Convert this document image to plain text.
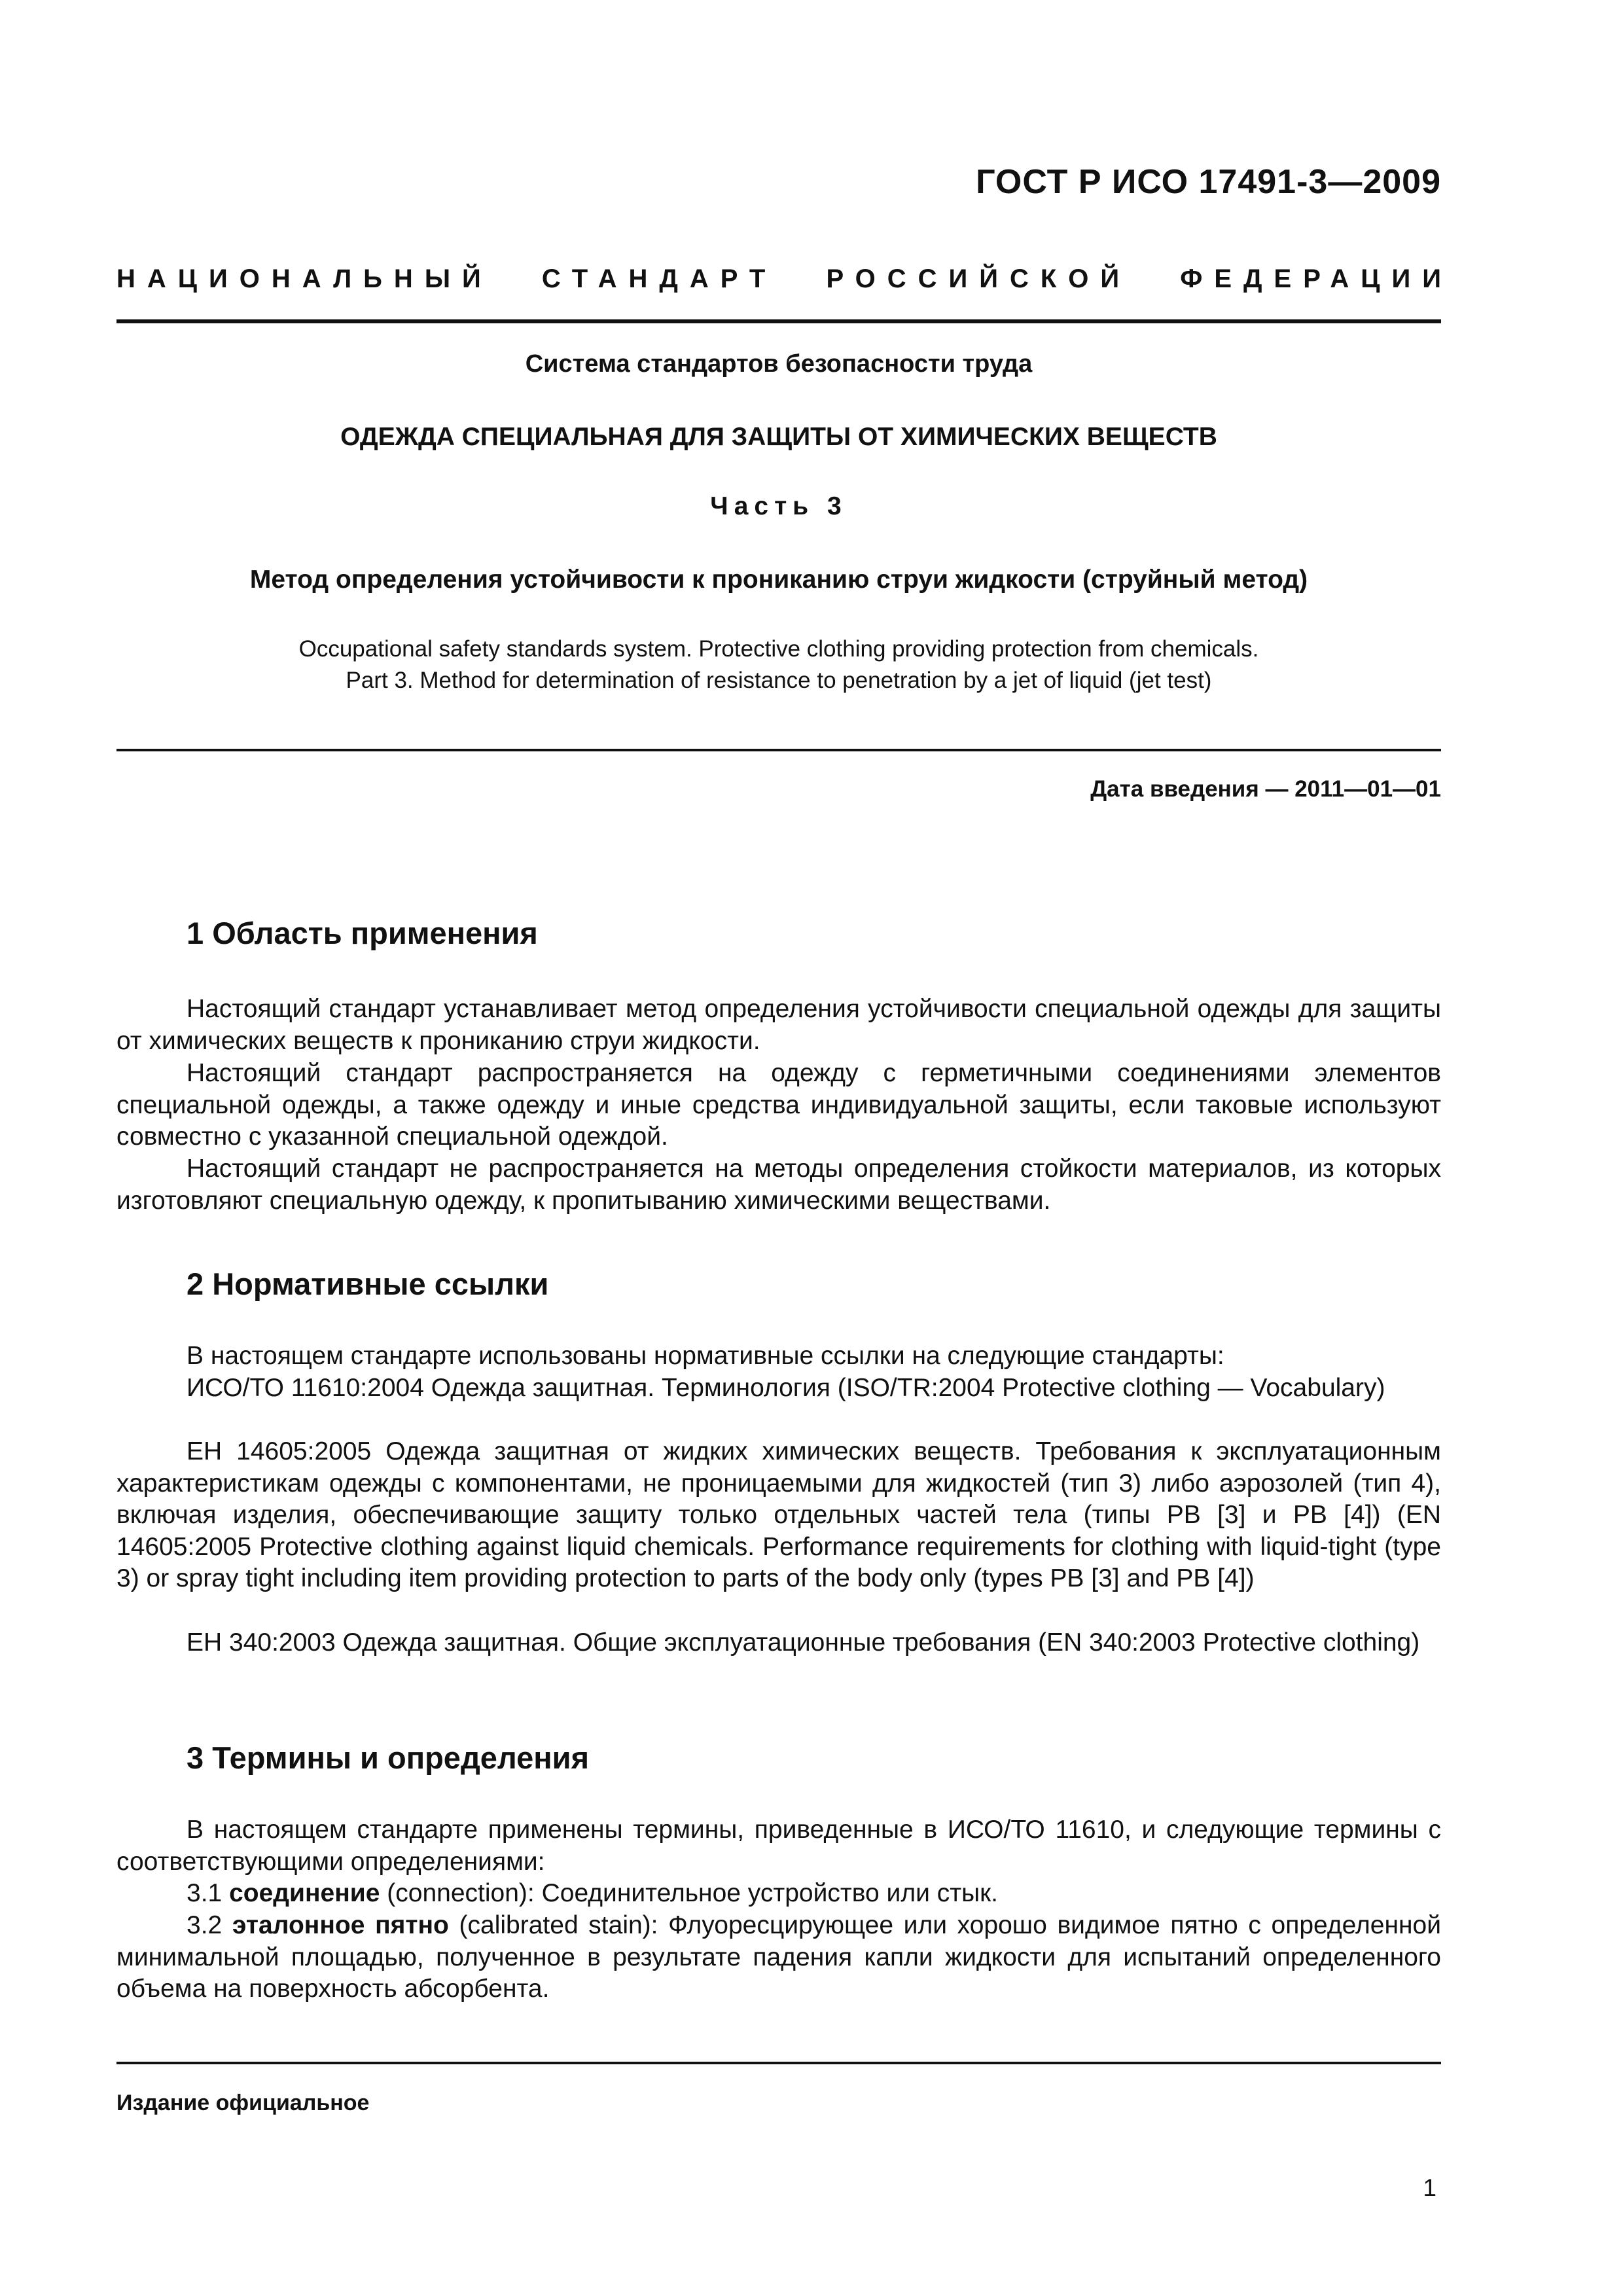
ГОСТ Р ИСО 17491-3—2009
НАЦИОНАЛЬНЫЙ СТАНДАРТ РОССИЙСКОЙ ФЕДЕРАЦИИ
Система стандартов безопасности труда
ОДЕЖДА СПЕЦИАЛЬНАЯ ДЛЯ ЗАЩИТЫ ОТ ХИМИЧЕСКИХ ВЕЩЕСТВ
Часть 3
Метод определения устойчивости к прониканию струи жидкости (струйный метод)
Occupational safety standards system. Protective clothing providing protection from chemicals.
Part 3. Method for determination of resistance to penetration by a jet of liquid (jet test)
Дата введения — 2011—01—01
1 Область применения

Настоящий стандарт устанавливает метод определения устойчивости специальной одежды для защиты от химических веществ к прониканию струи жидкости.

Настоящий стандарт распространяется на одежду с герметичными соединениями элементов специальной одежды, а также одежду и иные средства индивидуальной защиты, если таковые используют совместно с указанной специальной одеждой.

Настоящий стандарт не распространяется на методы определения стойкости материалов, из которых изготовляют специальную одежду, к пропитыванию химическими веществами.

2 Нормативные ссылки

В настоящем стандарте использованы нормативные ссылки на следующие стандарты:

ИСО/ТО 11610:2004 Одежда защитная. Терминология (ISO/TR:2004 Protective clothing — Vocabulary)

ЕН 14605:2005 Одежда защитная от жидких химических веществ. Требования к эксплуатационным характеристикам одежды с компонентами, не проницаемыми для жидкостей (тип 3) либо аэрозолей (тип 4), включая изделия, обеспечивающие защиту только отдельных частей тела (типы PB [3] и PB [4]) (EN 14605:2005 Protective clothing against liquid chemicals. Performance requirements for clothing with liquid-tight (type 3) or spray tight including item providing protection to parts of the body only (types PB [3] and PB [4])

ЕН 340:2003 Одежда защитная. Общие эксплуатационные требования (EN 340:2003 Protective clothing)

3 Термины и определения

В настоящем стандарте применены термины, приведенные в ИСО/ТО 11610, и следующие термины с соответствующими определениями:

3.1 соединение (connection): Соединительное устройство или стык.

3.2 эталонное пятно (calibrated stain): Флуоресцирующее или хорошо видимое пятно с определенной минимальной площадью, полученное в результате падения капли жидкости для испытаний определенного объема на поверхность абсорбента.

Издание официальное
1
